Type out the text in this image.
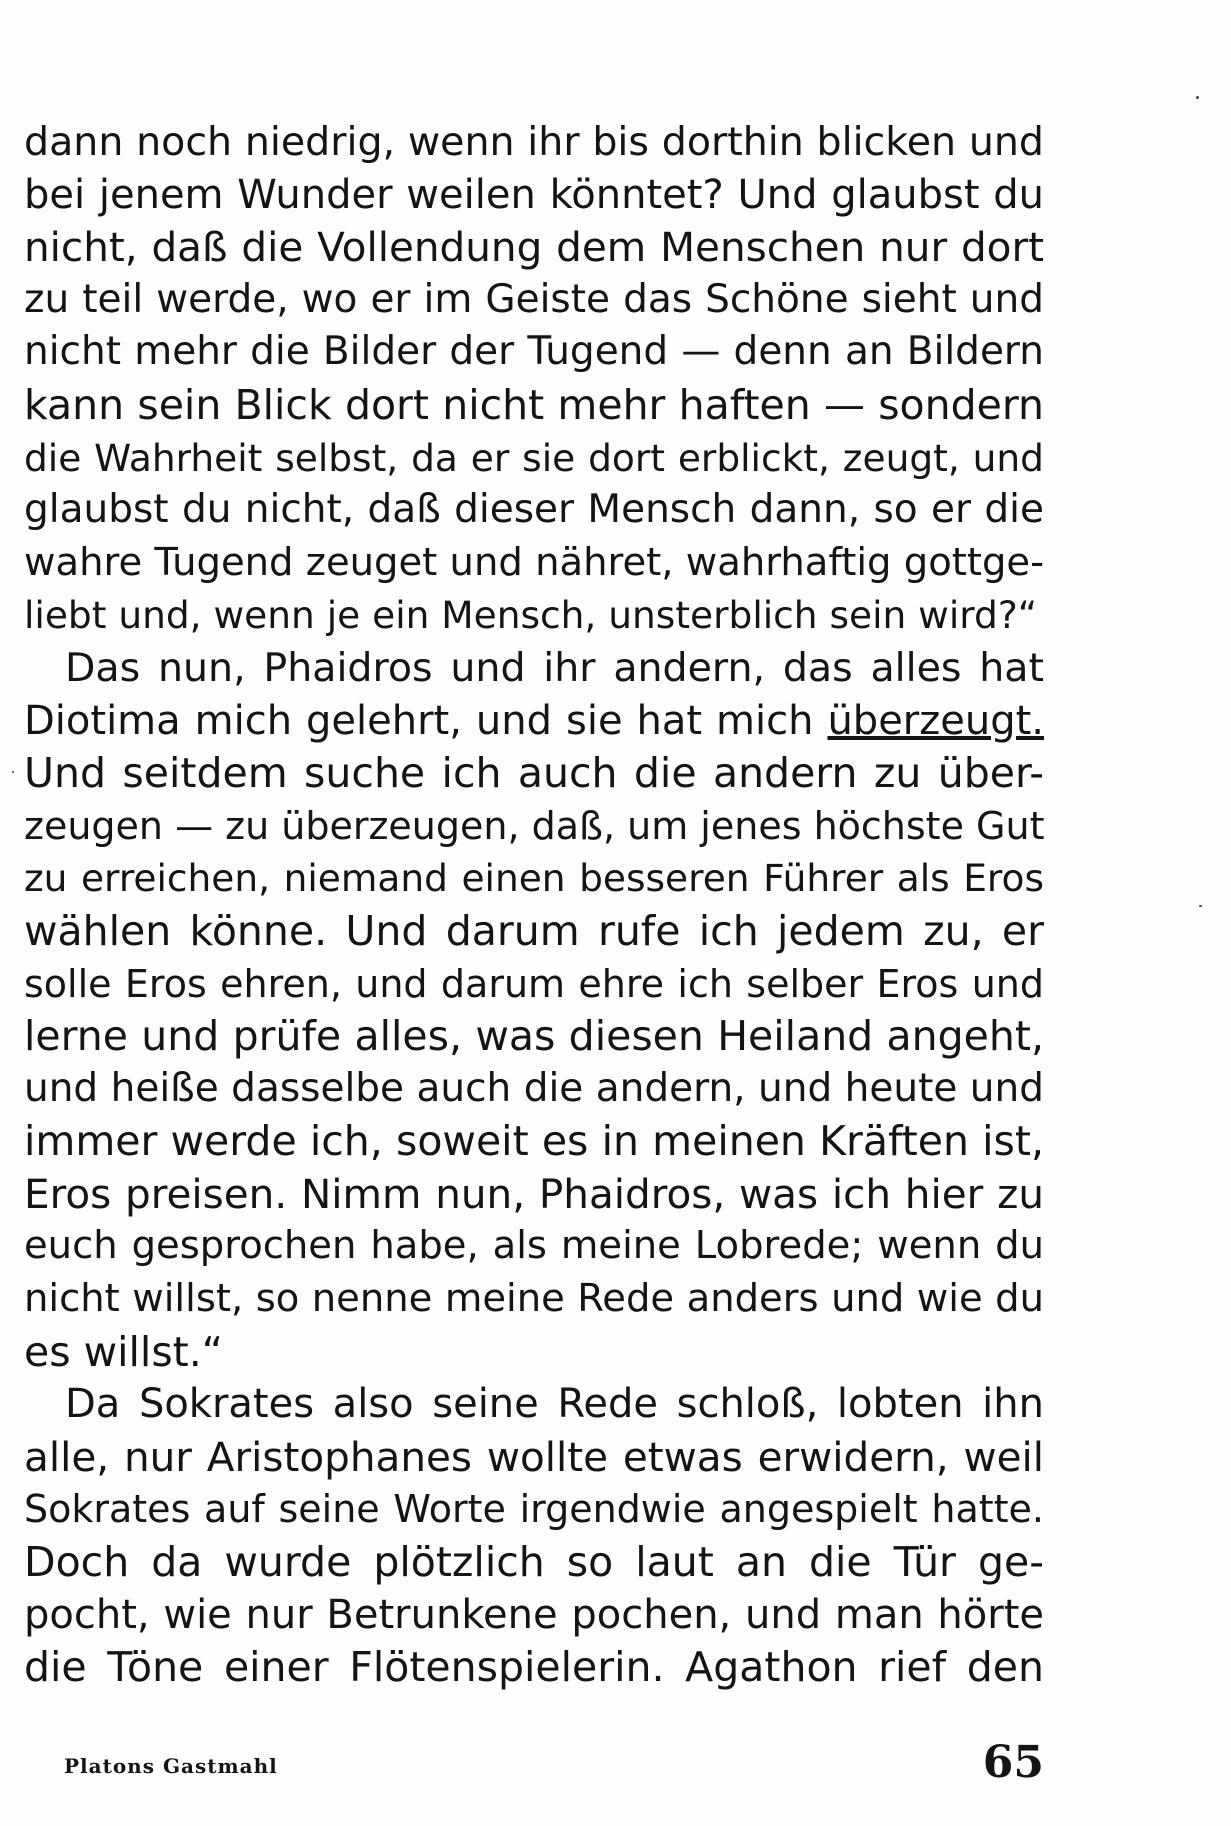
dann noch niedrig, wenn ihr bis dorthin blicken und
bei jenem Wunder weilen könntet? Und glaubst du
nicht, daß die Vollendung dem Menschen nur dort
zu teil werde, wo er im Geiste das Schöne sieht und
nicht mehr die Bilder der Tugend — denn an Bildern
kann sein Blick dort nicht mehr haften — sondern
die Wahrheit selbst, da er sie dort erblickt, zeugt, und
glaubst du nicht, daß dieser Mensch dann, so er die
wahre Tugend zeuget und nähret, wahrhaftig gottge-
liebt und, wenn je ein Mensch, unsterblich sein wird?“
Das nun, Phaidros und ihr andern, das alles hat
Diotima mich gelehrt, und sie hat mich überzeugt.
Und seitdem suche ich auch die andern zu über-
zeugen — zu überzeugen, daß, um jenes höchste Gut
zu erreichen, niemand einen besseren Führer als Eros
wählen könne. Und darum rufe ich jedem zu, er
solle Eros ehren, und darum ehre ich selber Eros und
lerne und prüfe alles, was diesen Heiland angeht,
und heiße dasselbe auch die andern, und heute und
immer werde ich, soweit es in meinen Kräften ist,
Eros preisen. Nimm nun, Phaidros, was ich hier zu
euch gesprochen habe, als meine Lobrede; wenn du
nicht willst, so nenne meine Rede anders und wie du
es willst.“
Da Sokrates also seine Rede schloß, lobten ihn
alle, nur Aristophanes wollte etwas erwidern, weil
Sokrates auf seine Worte irgendwie angespielt hatte.
Doch da wurde plötzlich so laut an die Tür ge-
pocht, wie nur Betrunkene pochen, und man hörte
die Töne einer Flötenspielerin. Agathon rief den
Platons Gastmahl	65
